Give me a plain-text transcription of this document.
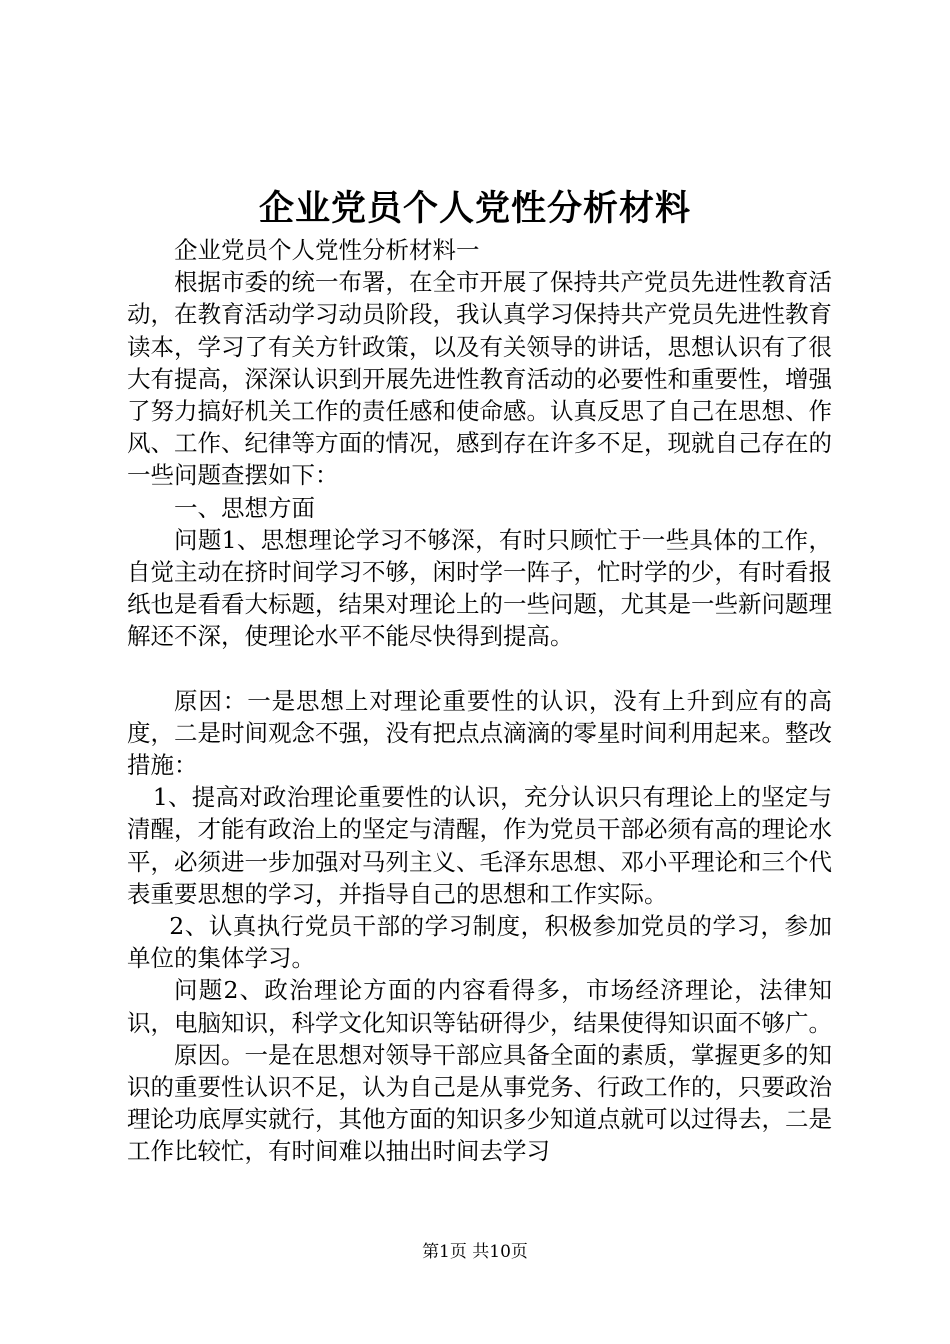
企业党员个人党性分析材料

企业党员个人党性分析材料一

根据市委的统一布署，在全市开展了保持共产党员先进性教育活动，在教育活动学习动员阶段，我认真学习保持共产党员先进性教育读本，学习了有关方针政策，以及有关领导的讲话，思想认识有了很大有提高，深深认识到开展先进性教育活动的必要性和重要性，增强了努力搞好机关工作的责任感和使命感。认真反思了自己在思想、作风、工作、纪律等方面的情况，感到存在许多不足，现就自己存在的一些问题查摆如下：

一、思想方面

问题1、思想理论学习不够深，有时只顾忙于一些具体的工作，自觉主动在挤时间学习不够，闲时学一阵子，忙时学的少，有时看报纸也是看看大标题，结果对理论上的一些问题，尤其是一些新问题理解还不深，使理论水平不能尽快得到提高。

原因：一是思想上对理论重要性的认识，没有上升到应有的高度，二是时间观念不强，没有把点点滴滴的零星时间利用起来。整改措施：

1、提高对政治理论重要性的认识，充分认识只有理论上的坚定与清醒，才能有政治上的坚定与清醒，作为党员干部必须有高的理论水平，必须进一步加强对马列主义、毛泽东思想、邓小平理论和三个代表重要思想的学习，并指导自己的思想和工作实际。

2、认真执行党员干部的学习制度，积极参加党员的学习，参加单位的集体学习。

问题2、政治理论方面的内容看得多，市场经济理论，法律知识，电脑知识，科学文化知识等钻研得少，结果使得知识面不够广。

原因。一是在思想对领导干部应具备全面的素质，掌握更多的知识的重要性认识不足，认为自己是从事党务、行政工作的，只要政治理论功底厚实就行，其他方面的知识多少知道点就可以过得去，二是工作比较忙，有时间难以抽出时间去学习

第1页 共10页
